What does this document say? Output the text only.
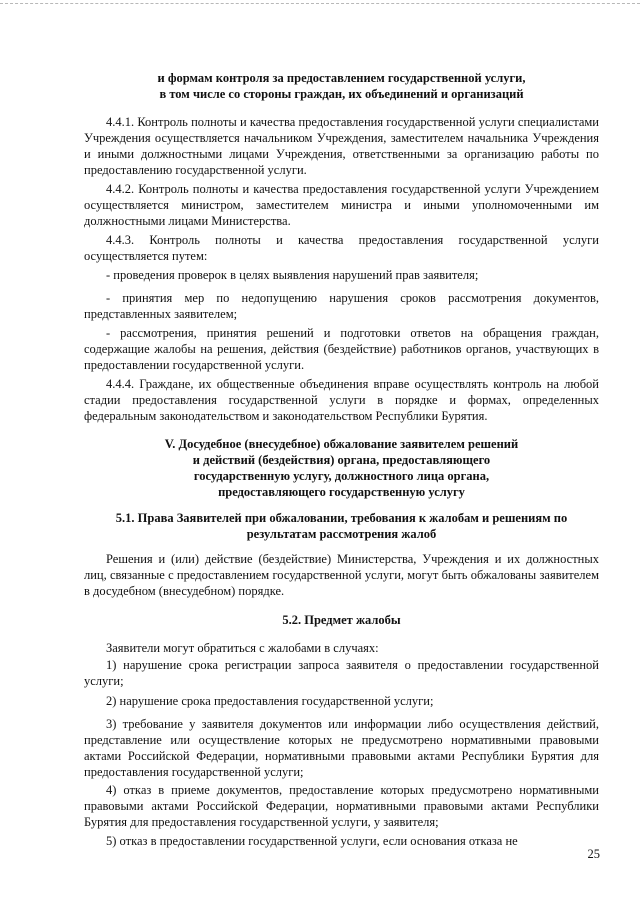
и формам контроля за предоставлением государственной услуги,
в том числе со стороны граждан, их объединений и организаций

4.4.1. Контроль полноты и качества предоставления государственной услуги специалистами Учреждения осуществляется начальником Учреждения, заместителем начальника Учреждения и иными должностными лицами Учреждения, ответственными за организацию работы по предоставлению государственной услуги.

4.4.2. Контроль полноты и качества предоставления государственной услуги Учреждением осуществляется министром, заместителем министра и иными уполномоченными им должностными лицами Министерства.

4.4.3. Контроль полноты и качества предоставления государственной услуги осуществляется путем:

- проведения проверок в целях выявления нарушений прав заявителя;

- принятия мер по недопущению нарушения сроков рассмотрения документов, представленных заявителем;

- рассмотрения, принятия решений и подготовки ответов на обращения граждан, содержащие жалобы на решения, действия (бездействие) работников органов, участвующих в предоставлении государственной услуги.

4.4.4. Граждане, их общественные объединения вправе осуществлять контроль на любой стадии предоставления государственной услуги в порядке и формах, определенных федеральным законодательством и законодательством Республики Бурятия.

V. Досудебное (внесудебное) обжалование заявителем решений
и действий (бездействия) органа, предоставляющего
государственную услугу, должностного лица органа,
предоставляющего государственную услугу
5.1. Права Заявителей при обжаловании, требования к жалобам и решениям по
результатам рассмотрения жалоб

Решения и (или) действие (бездействие) Министерства, Учреждения и их должностных лиц, связанные с предоставлением государственной услуги, могут быть обжалованы заявителем в досудебном (внесудебном) порядке.

5.2. Предмет жалобы

Заявители могут обратиться с жалобами в случаях:

1) нарушение срока регистрации запроса заявителя о предоставлении государственной услуги;

2) нарушение срока предоставления государственной услуги;

3) требование у заявителя документов или информации либо осуществления действий, представление или осуществление которых не предусмотрено нормативными правовыми актами Российской Федерации, нормативными правовыми актами Республики Бурятия для предоставления государственной услуги;

4) отказ в приеме документов, предоставление которых предусмотрено нормативными правовыми актами Российской Федерации, нормативными правовыми актами Республики Бурятия для предоставления государственной услуги, у заявителя;

5) отказ в предоставлении государственной услуги, если основания отказа не

25
